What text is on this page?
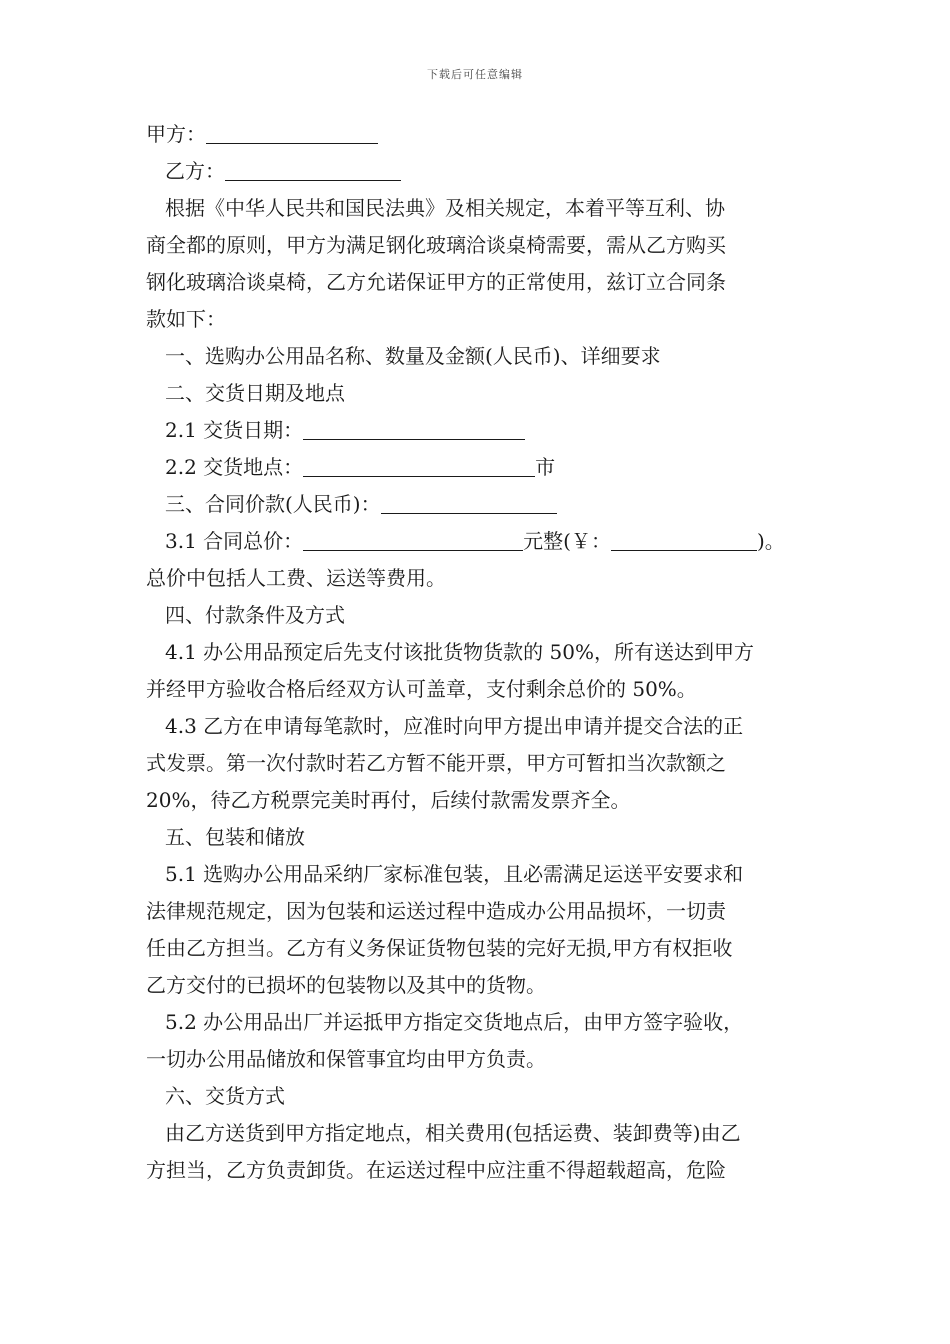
下载后可任意编辑
甲方：
乙方：
根据《中华人民共和国民法典》及相关规定，本着平等互利、协
商全都的原则，甲方为满足钢化玻璃洽谈桌椅需要，需从乙方购买
钢化玻璃洽谈桌椅，乙方允诺保证甲方的正常使用，兹订立合同条
款如下：
一、选购办公用品名称、数量及金额(人民币)、详细要求
二、交货日期及地点
2.1 交货日期：
2.2 交货地点：	市
三、合同价款(人民币)：
3.1 合同总价：	元整(￥：	)。
总价中包括人工费、运送等费用。
四、付款条件及方式
4.1 办公用品预定后先支付该批货物货款的 50%，所有送达到甲方
并经甲方验收合格后经双方认可盖章，支付剩余总价的 50%。
4.3 乙方在申请每笔款时，应准时向甲方提出申请并提交合法的正
式发票。第一次付款时若乙方暂不能开票，甲方可暂扣当次款额之
20%，待乙方税票完美时再付，后续付款需发票齐全。
五、包装和储放
5.1 选购办公用品采纳厂家标准包装，且必需满足运送平安要求和
法律规范规定，因为包装和运送过程中造成办公用品损坏，一切责
任由乙方担当。乙方有义务保证货物包装的完好无损,甲方有权拒收
乙方交付的已损坏的包装物以及其中的货物。
5.2 办公用品出厂并运抵甲方指定交货地点后，由甲方签字验收，
一切办公用品储放和保管事宜均由甲方负责。
六、交货方式
由乙方送货到甲方指定地点，相关费用(包括运费、装卸费等)由乙
方担当，乙方负责卸货。在运送过程中应注重不得超载超高，危险
